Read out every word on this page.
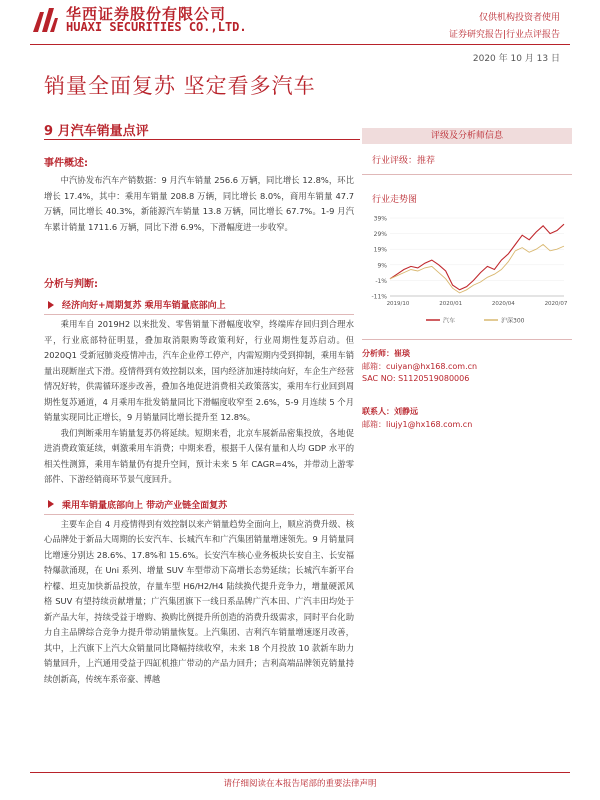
华西证券股份有限公司
HUAXI SECURITIES CO.,LTD.
仅供机构投资者使用
证券研究报告|行业点评报告
2020 年 10 月 13 日
销量全面复苏 坚定看多汽车
9 月汽车销量点评
事件概述:
中汽协发布汽车产销数据：9 月汽车销量 256.6 万辆，同比增长 12.8%，环比增长 17.4%，其中：乘用车销量 208.8 万辆，同比增长 8.0%，商用车销量 47.7 万辆，同比增长 40.3%，新能源汽车销量 13.8 万辆，同比增长 67.7%。1-9 月汽车累计销量 1711.6 万辆，同比下滑 6.9%，下滑幅度进一步收窄。
分析与判断:
经济向好+周期复苏 乘用车销量底部向上
乘用车自 2019H2 以来批发、零售销量下滑幅度收窄，终端库存回归到合理水平，行业底部特征明显，叠加取消限购等政策利好，行业周期性复苏启动。但 2020Q1 受新冠肺炎疫情冲击，汽车企业停工停产，内需短期内受到抑制，乘用车销量出现断崖式下滑。疫情得到有效控制以来，国内经济加速持续向好，车企生产经营情况好转，供需循环逐步改善，叠加各地促进消费相关政策落实，乘用车行业回到周期性复苏通道，4 月乘用车批发销量同比下滑幅度收窄至 2.6%，5-9 月连续 5 个月销量实现同比正增长，9 月销量同比增长提升至 12.8%。
我们判断乘用车销量复苏仍将延续。短期来看，北京车展新品密集投放，各地促进消费政策延续，刺激乘用车消费；中期来看，根据千人保有量和人均 GDP 水平的相关性测算，乘用车销量仍有提升空间，预计未来 5 年 CAGR=4%，并带动上游零部件、下游经销商环节景气度回升。
乘用车销量底部向上 带动产业链全面复苏
主要车企自 4 月疫情得到有效控制以来产销量趋势全面向上，顺应消费升级、核心品牌处于新品大周期的长安汽车、长城汽车和广汽集团销量增速领先。9 月销量同比增速分别达 28.6%、17.8%和 15.6%。长安汽车核心业务板块长安自主、长安福特爆款涌现，在 Uni 系列、增量 SUV 车型带动下高增长态势延续；长城汽车新平台柠檬、坦克加快新品投放，存量车型 H6/H2/H4 陆续换代提升竞争力，增量硬派风格 SUV 有望持续贡献增量；广汽集团旗下一线日系品牌广汽本田、广汽丰田均处于新产品大年，持续受益于增购、换购比例提升所创造的消费升级需求，同时平台化助力自主品牌综合竞争力提升带动销量恢复。上汽集团、吉利汽车销量增速逐月改善，其中，上汽旗下上汽大众销量同比降幅持续收窄，未来 18 个月投放 10 款新车助力销量回升，上汽通用受益于四缸机推广带动的产品力回升；吉利高端品牌领克销量持续创新高，传统车系帝豪、博越
评级及分析师信息
行业评级：推荐
行业走势图
39%
29%
19%
9%
-1%
-11%
2019/10	2020/01	2020/04	2020/07
汽车	沪深300
分析师：崔琰
邮箱：cuiyan@hx168.com.cn
SAC NO: S1120519080006
联系人：刘静远
邮箱：liujy1@hx168.com.cn
请仔细阅读在本报告尾部的重要法律声明
